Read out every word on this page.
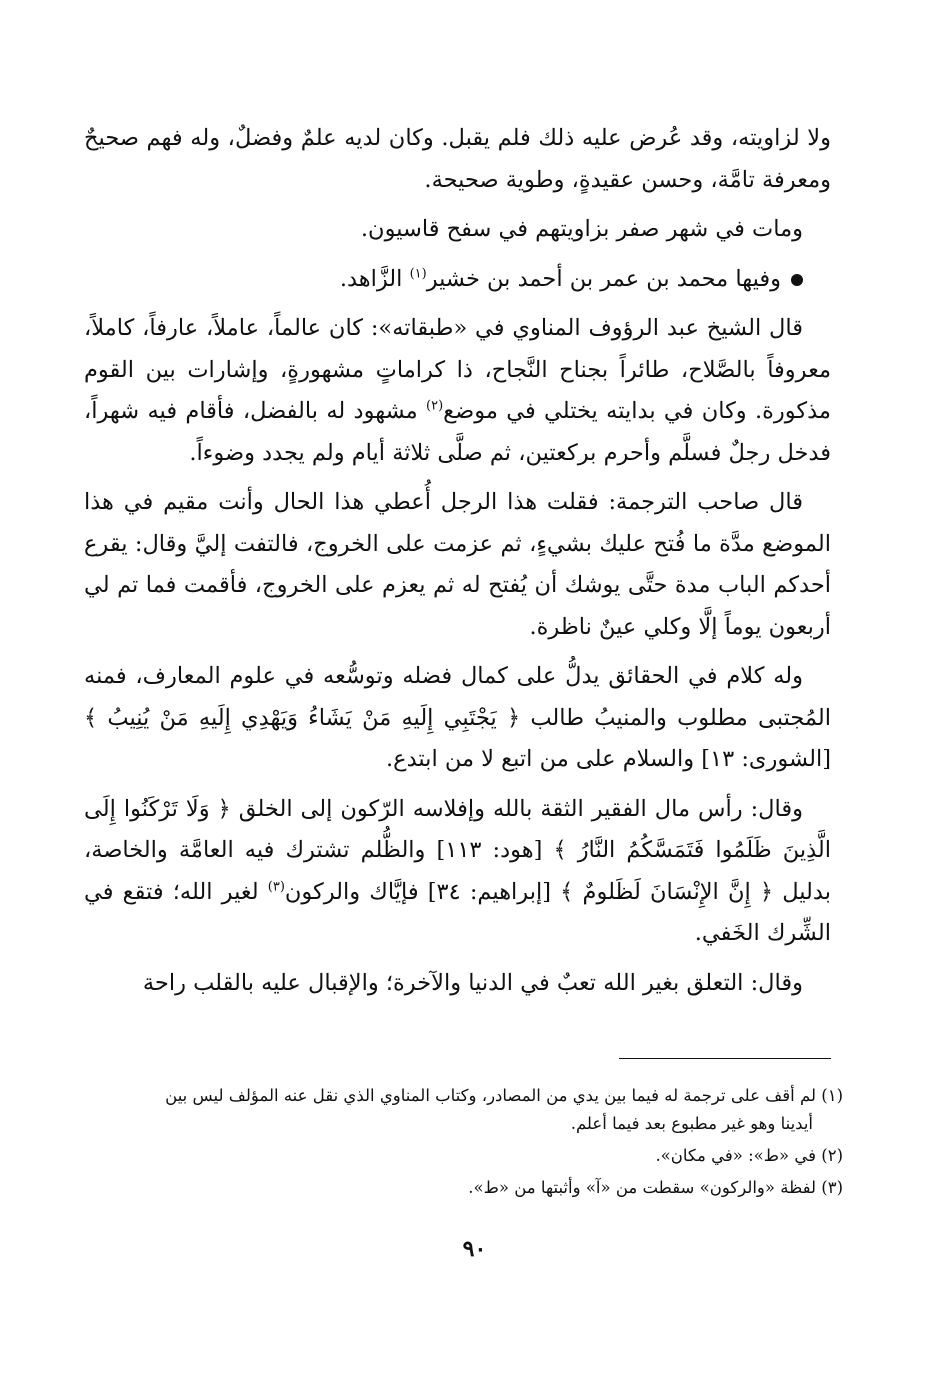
ولا لزاويته، وقد عُرض عليه ذلك فلم يقبل. وكان لديه علمٌ وفضلٌ، وله فهم صحيحٌ ومعرفة تامَّة، وحسن عقيدةٍ، وطوية صحيحة.

ومات في شهر صفر بزاويتهم في سفح قاسيون.

وفيها محمد بن عمر بن أحمد بن خشير$^{(١)}$ الزَّاهد.

قال الشيخ عبد الرؤوف المناوي في «طبقاته»: كان عالماً، عاملاً، عارفاً، كاملاً، معروفاً بالصَّلاح، طائراً بجناح النَّجاح، ذا كراماتٍ مشهورةٍ، وإشارات بين القوم مذكورة. وكان في بدايته يختلي في موضع$^{(٢)}$ مشهود له بالفضل، فأقام فيه شهراً، فدخل رجلٌ فسلَّم وأحرم بركعتين، ثم صلَّى ثلاثة أيام ولم يجدد وضوءاً.

قال صاحب الترجمة: فقلت هذا الرجل أُعطي هذا الحال وأنت مقيم في هذا الموضع مدَّة ما فُتح عليك بشيءٍ، ثم عزمت على الخروج، فالتفت إليَّ وقال: يقرع أحدكم الباب مدة حتَّى يوشك أن يُفتح له ثم يعزم على الخروج، فأقمت فما تم لي أربعون يوماً إلَّا وكلي عينٌ ناظرة.

وله كلام في الحقائق يدلُّ على كمال فضله وتوسُّعه في علوم المعارف، فمنه المُجتبى مطلوب والمنيبُ طالب ﴿ يَجْتَبِي إِلَيهِ مَنْ يَشَاءُ وَيَهْدِي إِلَيهِ مَنْ يُنِيبُ ﴾ [الشورى: ١٣] والسلام على من اتبع لا من ابتدع.

وقال: رأس مال الفقير الثقة بالله وإفلاسه الرّكون إلى الخلق ﴿ وَلَا تَرْكَنُوا إِلَى الَّذِينَ ظَلَمُوا فَتَمَسَّكُمُ النَّارُ ﴾ [هود: ١١٣] والظُّلم تشترك فيه العامَّة والخاصة، بدليل ﴿ إِنَّ الإِنْسَانَ لَظَلومٌ ﴾ [إبراهيم: ٣٤] فإيَّاك والركون$^{(٣)}$ لغير الله؛ فتقع في الشِّرك الخَفي.

وقال: التعلق بغير الله تعبٌ في الدنيا والآخرة؛ والإقبال عليه بالقلب راحة

(١) لم أقف على ترجمة له فيما بين يدي من المصادر، وكتاب المناوي الذي نقل عنه المؤلف ليس بين
أيدينا وهو غير مطبوع بعد فيما أعلم.

(٢) في «ط»: «في مكان».

(٣) لفظة «والركون» سقطت من «آ» وأثبتها من «ط».

٩٠
